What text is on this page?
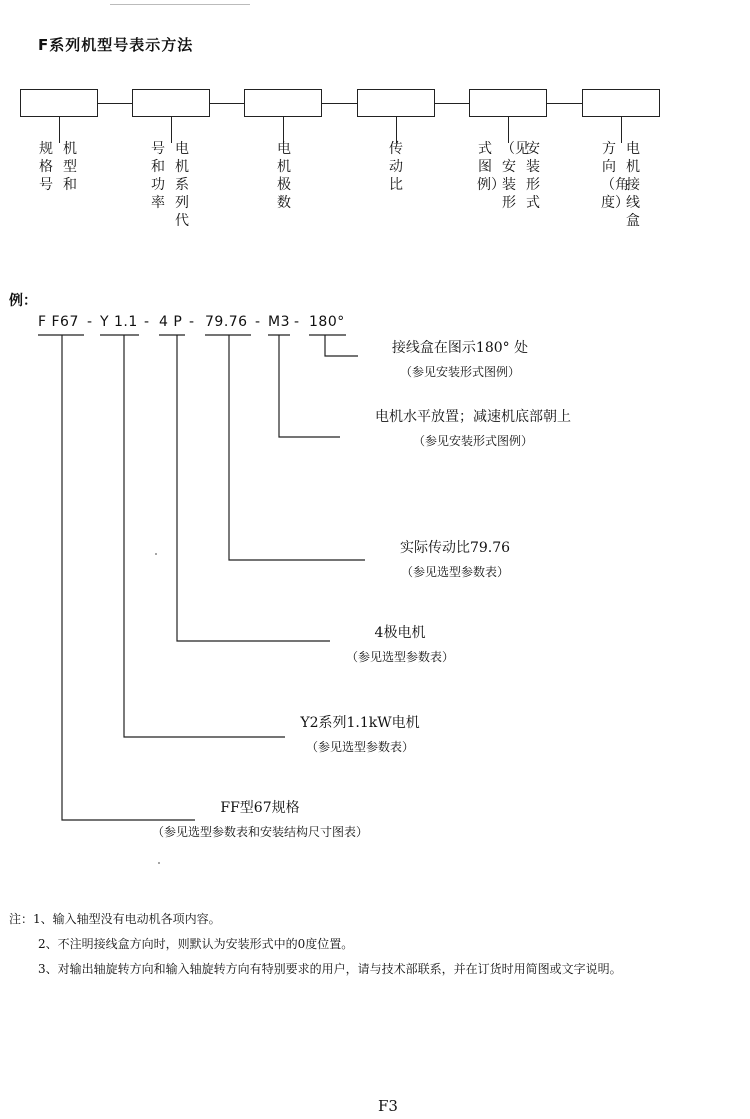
F系列机型号表示方法
规格号
机型和
号和功率
电机系列代
电机极数
传动比
式图例）
（见安装形
安装形式
方向（角度）
电机接线盒
例：
F F67 - Y 1.1 - 4 P - 79.76 - M3 - 180°
接线盒在图示180° 处
（参见安装形式图例）
电机水平放置；减速机底部朝上
（参见安装形式图例）
实际传动比79.76
（参见选型参数表）
4极电机
（参见选型参数表）
Y2系列1.1kW电机
（参见选型参数表）
FF型67规格
（参见选型参数表和安装结构尺寸图表）
注：1、输入轴型没有电动机各项内容。
2、不注明接线盒方向时，则默认为安装形式中的0度位置。
3、对输出轴旋转方向和输入轴旋转方向有特别要求的用户，请与技术部联系，并在订货时用简图或文字说明。
F3
